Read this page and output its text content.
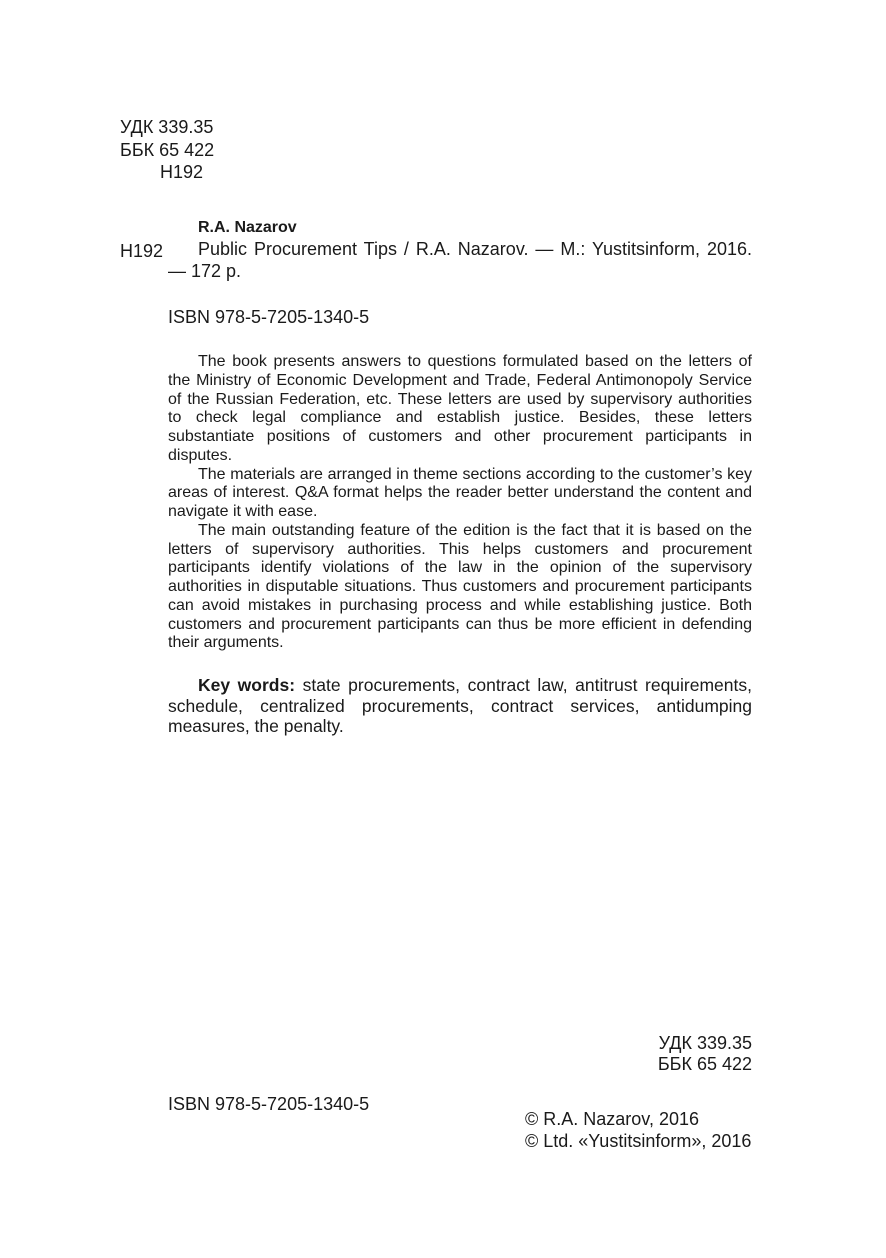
УДК 339.35
ББК 65 422
Н192
R.A. Nazarov
Н192	Public Procurement Tips / R.A. Nazarov. — M.: Yustitsinform, 2016. — 172 p.
ISBN 978-5-7205-1340-5

The book presents answers to questions formulated based on the letters of the Ministry of Economic Development and Trade, Federal Antimonopoly Service of the Russian Federation, etc. These letters are used by supervisory authorities to check legal compliance and establish justice. Besides, these letters substantiate positions of customers and other procurement participants in disputes.

The materials are arranged in theme sections according to the customer’s key areas of interest. Q&A format helps the reader better understand the content and navigate it with ease.

The main outstanding feature of the edition is the fact that it is based on the letters of supervisory authorities. This helps customers and procurement participants identify violations of the law in the opinion of the supervisory authorities in disputable situations. Thus customers and procurement participants can avoid mistakes in purchasing process and while establishing justice. Both customers and procurement participants can thus be more efficient in defending their arguments.

Key words: state procurements, contract law, antitrust requirements, schedule, centralized procurements, contract services, antidumping measures, the penalty.
УДК 339.35
ББК 65 422
ISBN 978-5-7205-1340-5
© R.A. Nazarov, 2016
© Ltd. «Yustitsinform», 2016
